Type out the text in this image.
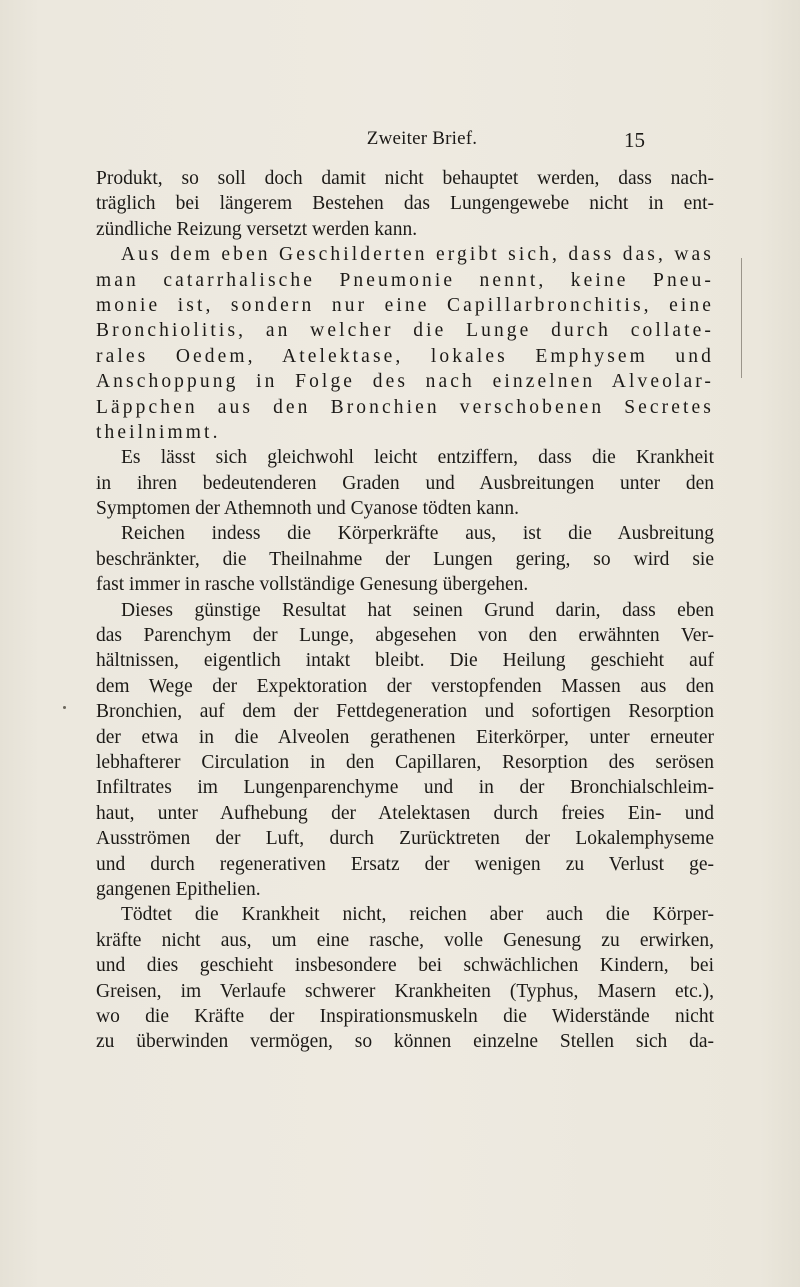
Zweiter Brief.	15
Produkt, so soll doch damit nicht behauptet werden, dass nach-
träglich bei längerem Bestehen das Lungengewebe nicht in ent-
zündliche Reizung versetzt werden kann.
Aus dem eben Geschilderten ergibt sich, dass das, was
man catarrhalische Pneumonie nennt, keine Pneu-
monie ist, sondern nur eine Capillarbronchitis, eine
Bronchiolitis, an welcher die Lunge durch collate-
rales Oedem, Atelektase, lokales Emphysem und
Anschoppung in Folge des nach einzelnen Alveolar-
Läppchen aus den Bronchien verschobenen Secretes
theilnimmt.
Es lässt sich gleichwohl leicht entziffern, dass die Krankheit
in ihren bedeutenderen Graden und Ausbreitungen unter den
Symptomen der Athemnoth und Cyanose tödten kann.
Reichen indess die Körperkräfte aus, ist die Ausbreitung
beschränkter, die Theilnahme der Lungen gering, so wird sie
fast immer in rasche vollständige Genesung übergehen.
Dieses günstige Resultat hat seinen Grund darin, dass eben
das Parenchym der Lunge, abgesehen von den erwähnten Ver-
hältnissen, eigentlich intakt bleibt. Die Heilung geschieht auf
dem Wege der Expektoration der verstopfenden Massen aus den
Bronchien, auf dem der Fettdegeneration und sofortigen Resorption
der etwa in die Alveolen gerathenen Eiterkörper, unter erneuter
lebhafterer Circulation in den Capillaren, Resorption des serösen
Infiltrates im Lungenparenchyme und in der Bronchialschleim-
haut, unter Aufhebung der Atelektasen durch freies Ein- und
Ausströmen der Luft, durch Zurücktreten der Lokalemphyseme
und durch regenerativen Ersatz der wenigen zu Verlust ge-
gangenen Epithelien.
Tödtet die Krankheit nicht, reichen aber auch die Körper-
kräfte nicht aus, um eine rasche, volle Genesung zu erwirken,
und dies geschieht insbesondere bei schwächlichen Kindern, bei
Greisen, im Verlaufe schwerer Krankheiten (Typhus, Masern etc.),
wo die Kräfte der Inspirationsmuskeln die Widerstände nicht
zu überwinden vermögen, so können einzelne Stellen sich da-
